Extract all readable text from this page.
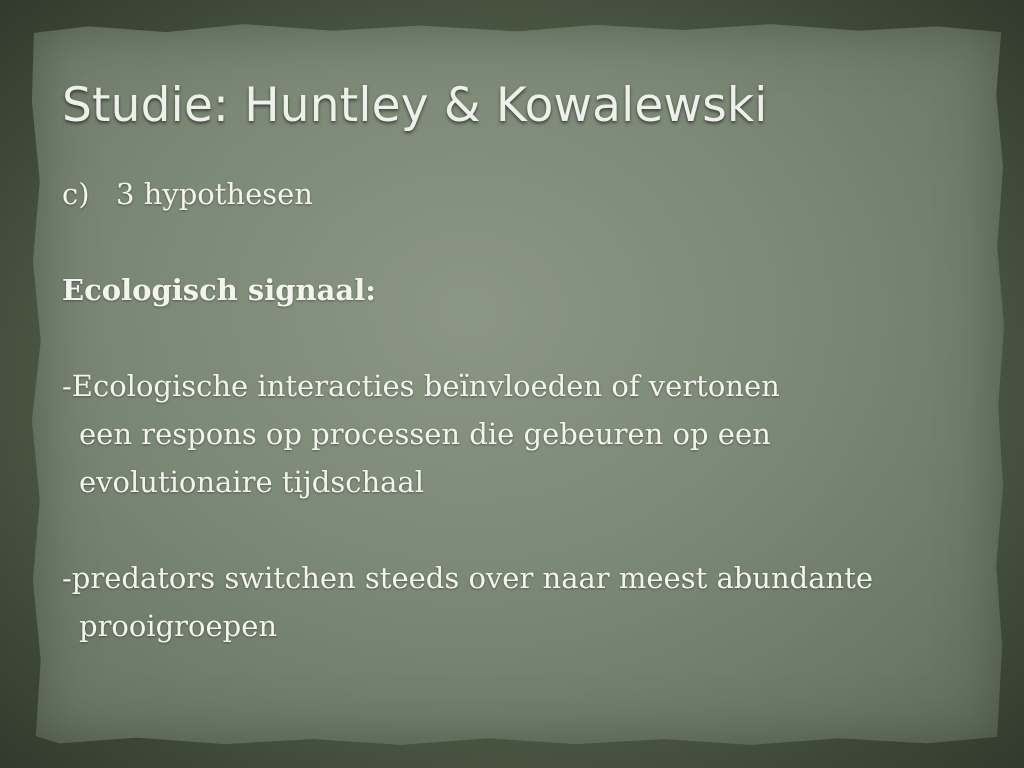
Studie: Huntley & Kowalewski
c) 3 hypothesen
Ecologisch signaal:
-Ecologische interacties beïnvloeden of vertonen
een respons op processen die gebeuren op een
evolutionaire tijdschaal
-predators switchen steeds over naar meest abundante
prooigroepen
